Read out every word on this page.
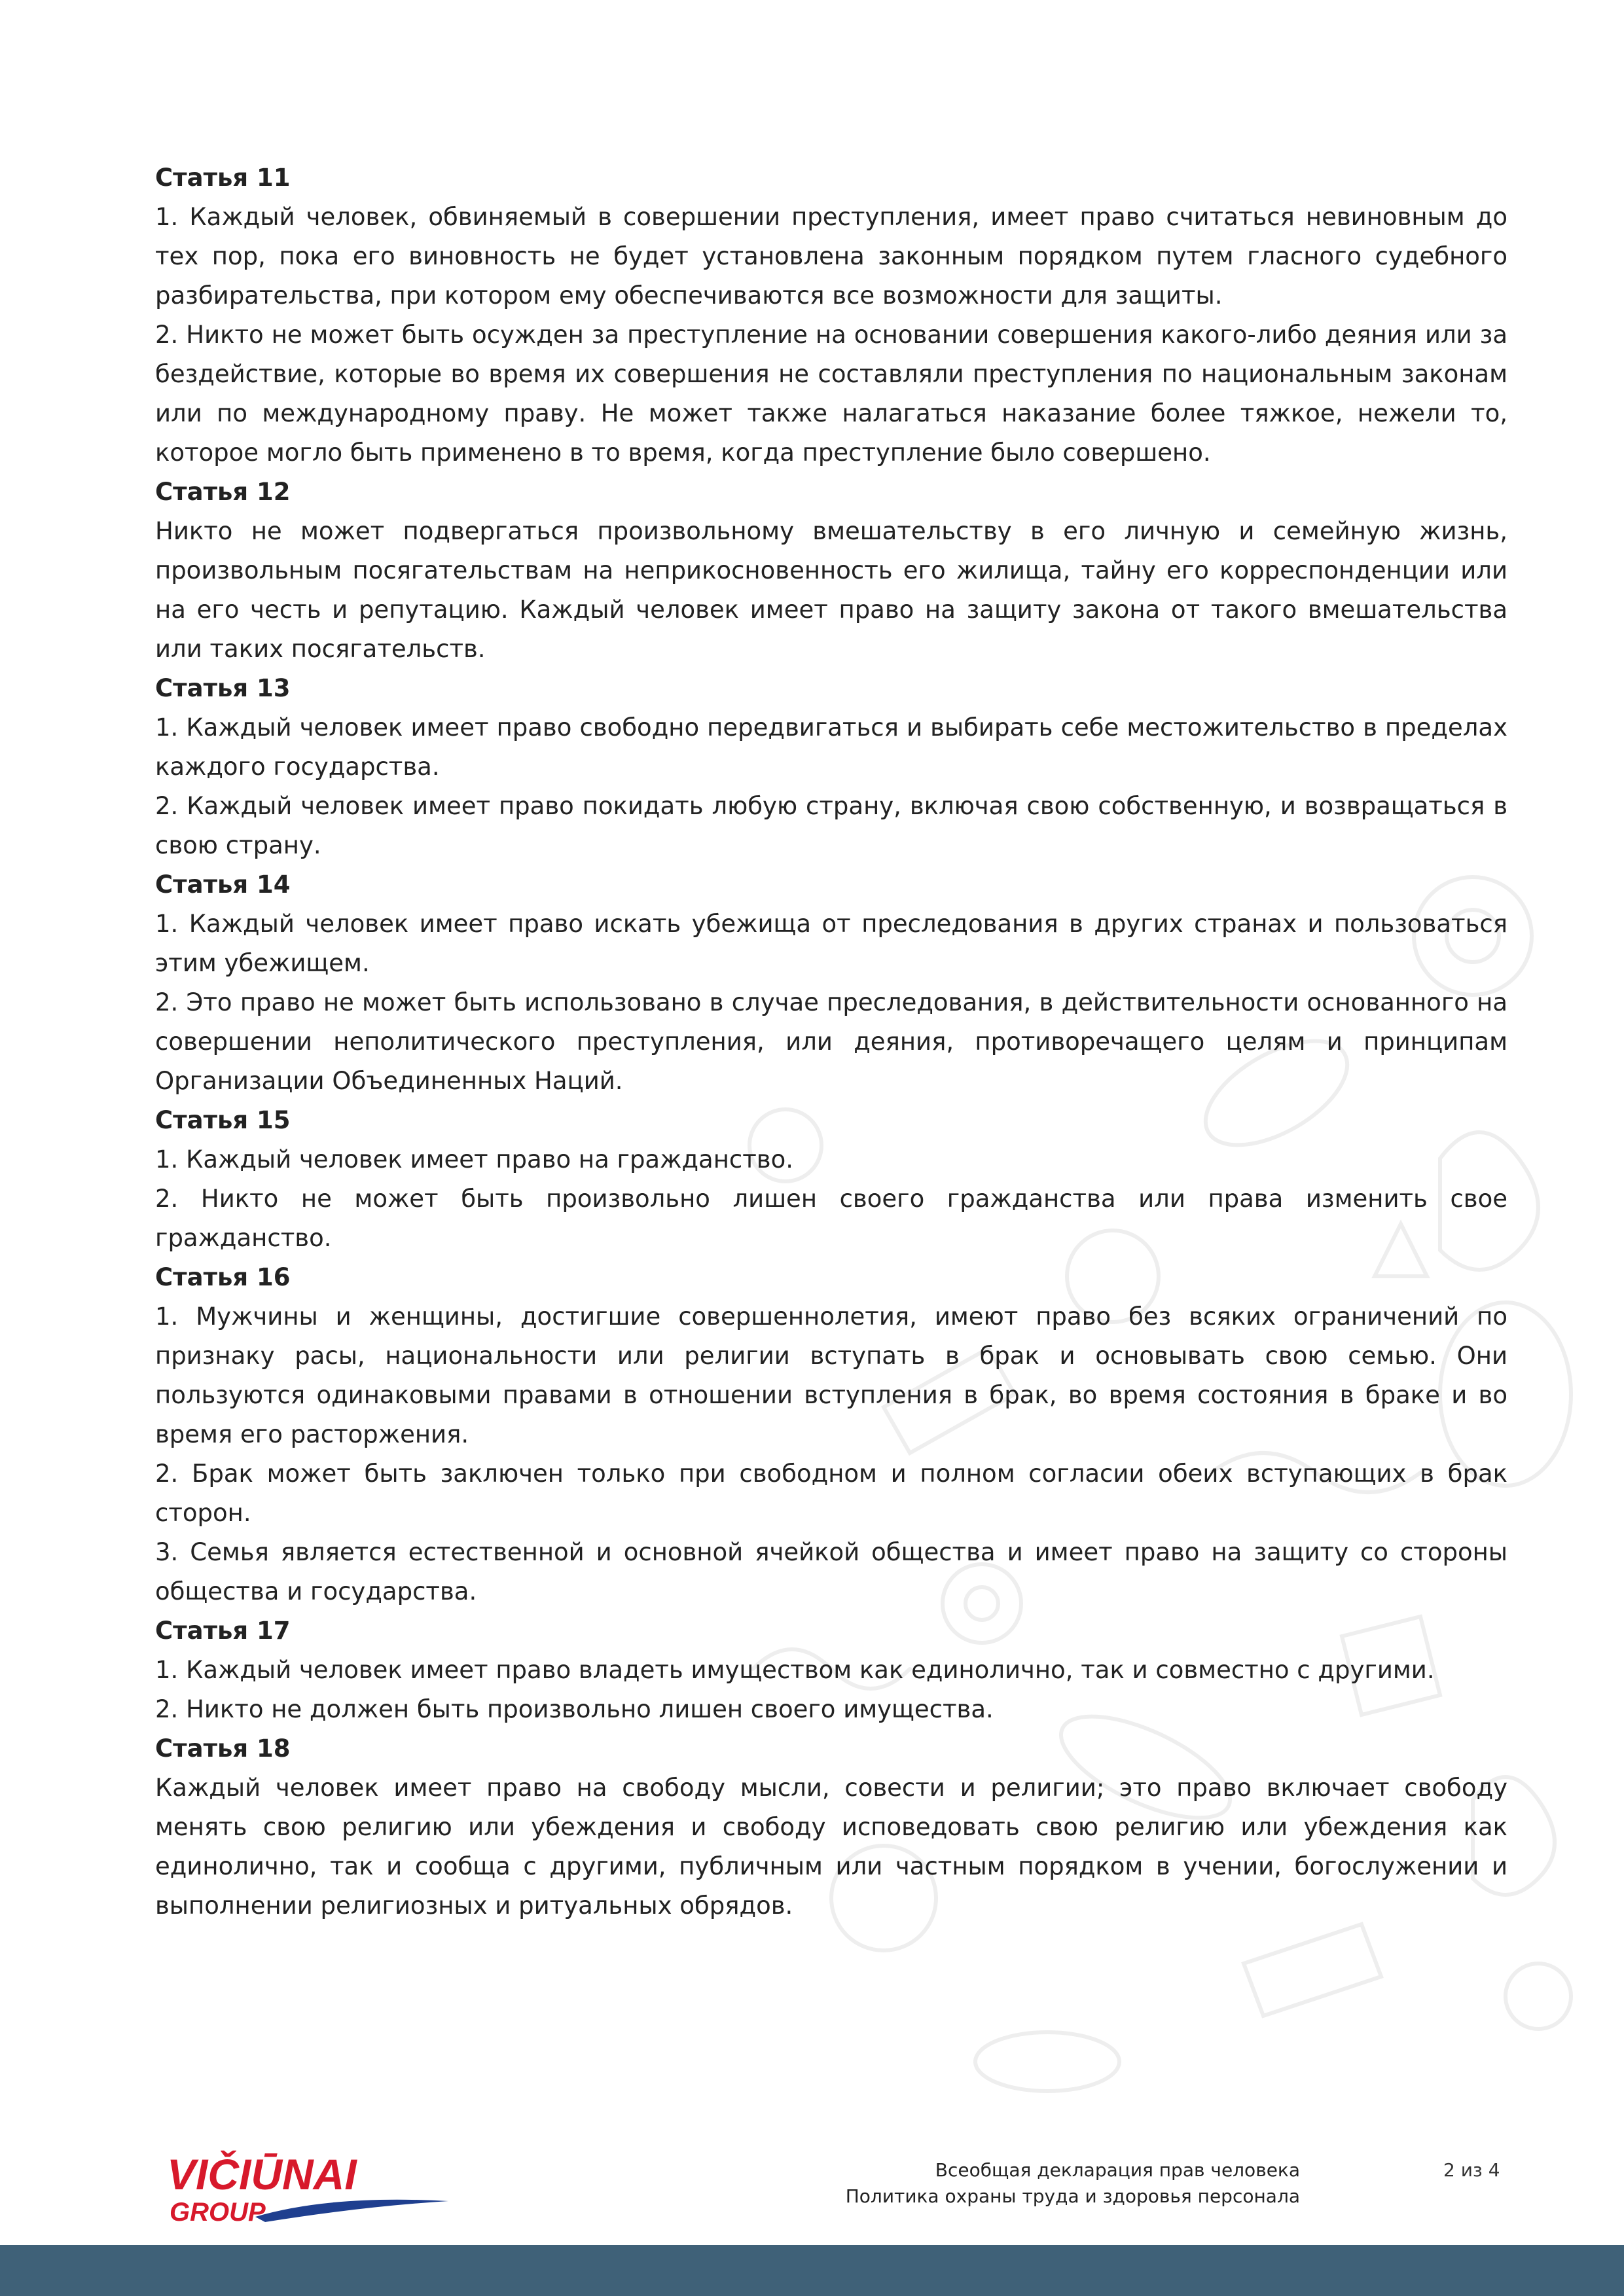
Статья 11

1. Каждый человек, обвиняемый в совершении преступления, имеет право считаться невиновным до тех пор, пока его виновность не будет установлена законным порядком путем гласного судебного разбирательства, при котором ему обеспечиваются все возможности для защиты.

2. Никто не может быть осужден за преступление на основании совершения какого-либо деяния или за бездействие, которые во время их совершения не составляли преступления по национальным законам или по международному праву. Не может также налагаться наказание более тяжкое, нежели то, которое могло быть применено в то время, когда преступление было совершено.

Статья 12

Никто не может подвергаться произвольному вмешательству в его личную и семейную жизнь, произвольным посягательствам на неприкосновенность его жилища, тайну его корреспонденции или на его честь и репутацию. Каждый человек имеет право на защиту закона от такого вмешательства или таких посягательств.

Статья 13

1. Каждый человек имеет право свободно передвигаться и выбирать себе местожительство в пределах каждого государства.

2. Каждый человек имеет право покидать любую страну, включая свою собственную, и возвращаться в свою страну.

Статья 14

1. Каждый человек имеет право искать убежища от преследования в других странах и пользоваться этим убежищем.

2. Это право не может быть использовано в случае преследования, в действительности основанного на совершении неполитического преступления, или деяния, противоречащего целям и принципам Организации Объединенных Наций.

Статья 15

1. Каждый человек имеет право на гражданство.

2. Никто не может быть произвольно лишен своего гражданства или права изменить свое гражданство.

Статья 16

1. Мужчины и женщины, достигшие совершеннолетия, имеют право без всяких ограничений по признаку расы, национальности или религии вступать в брак и основывать свою семью. Они пользуются одинаковыми правами в отношении вступления в брак, во время состояния в браке и во время его расторжения.

2. Брак может быть заключен только при свободном и полном согласии обеих вступающих в брак сторон.

3. Семья является естественной и основной ячейкой общества и имеет право на защиту со стороны общества и государства.

Статья 17

1. Каждый человек имеет право владеть имуществом как единолично, так и совместно с другими.

2. Никто не должен быть произвольно лишен своего имущества.

Статья 18

Каждый человек имеет право на свободу мысли, совести и религии; это право включает свободу менять свою религию или убеждения и свободу исповедовать свою религию или убеждения как единолично, так и сообща с другими, публичным или частным порядком в учении, богослужении и выполнении религиозных и ритуальных обрядов.

VIČIŪNAI
GROUP
Всеобщая декларация прав человека
Политика охраны труда и здоровья персонала
2 из 4
